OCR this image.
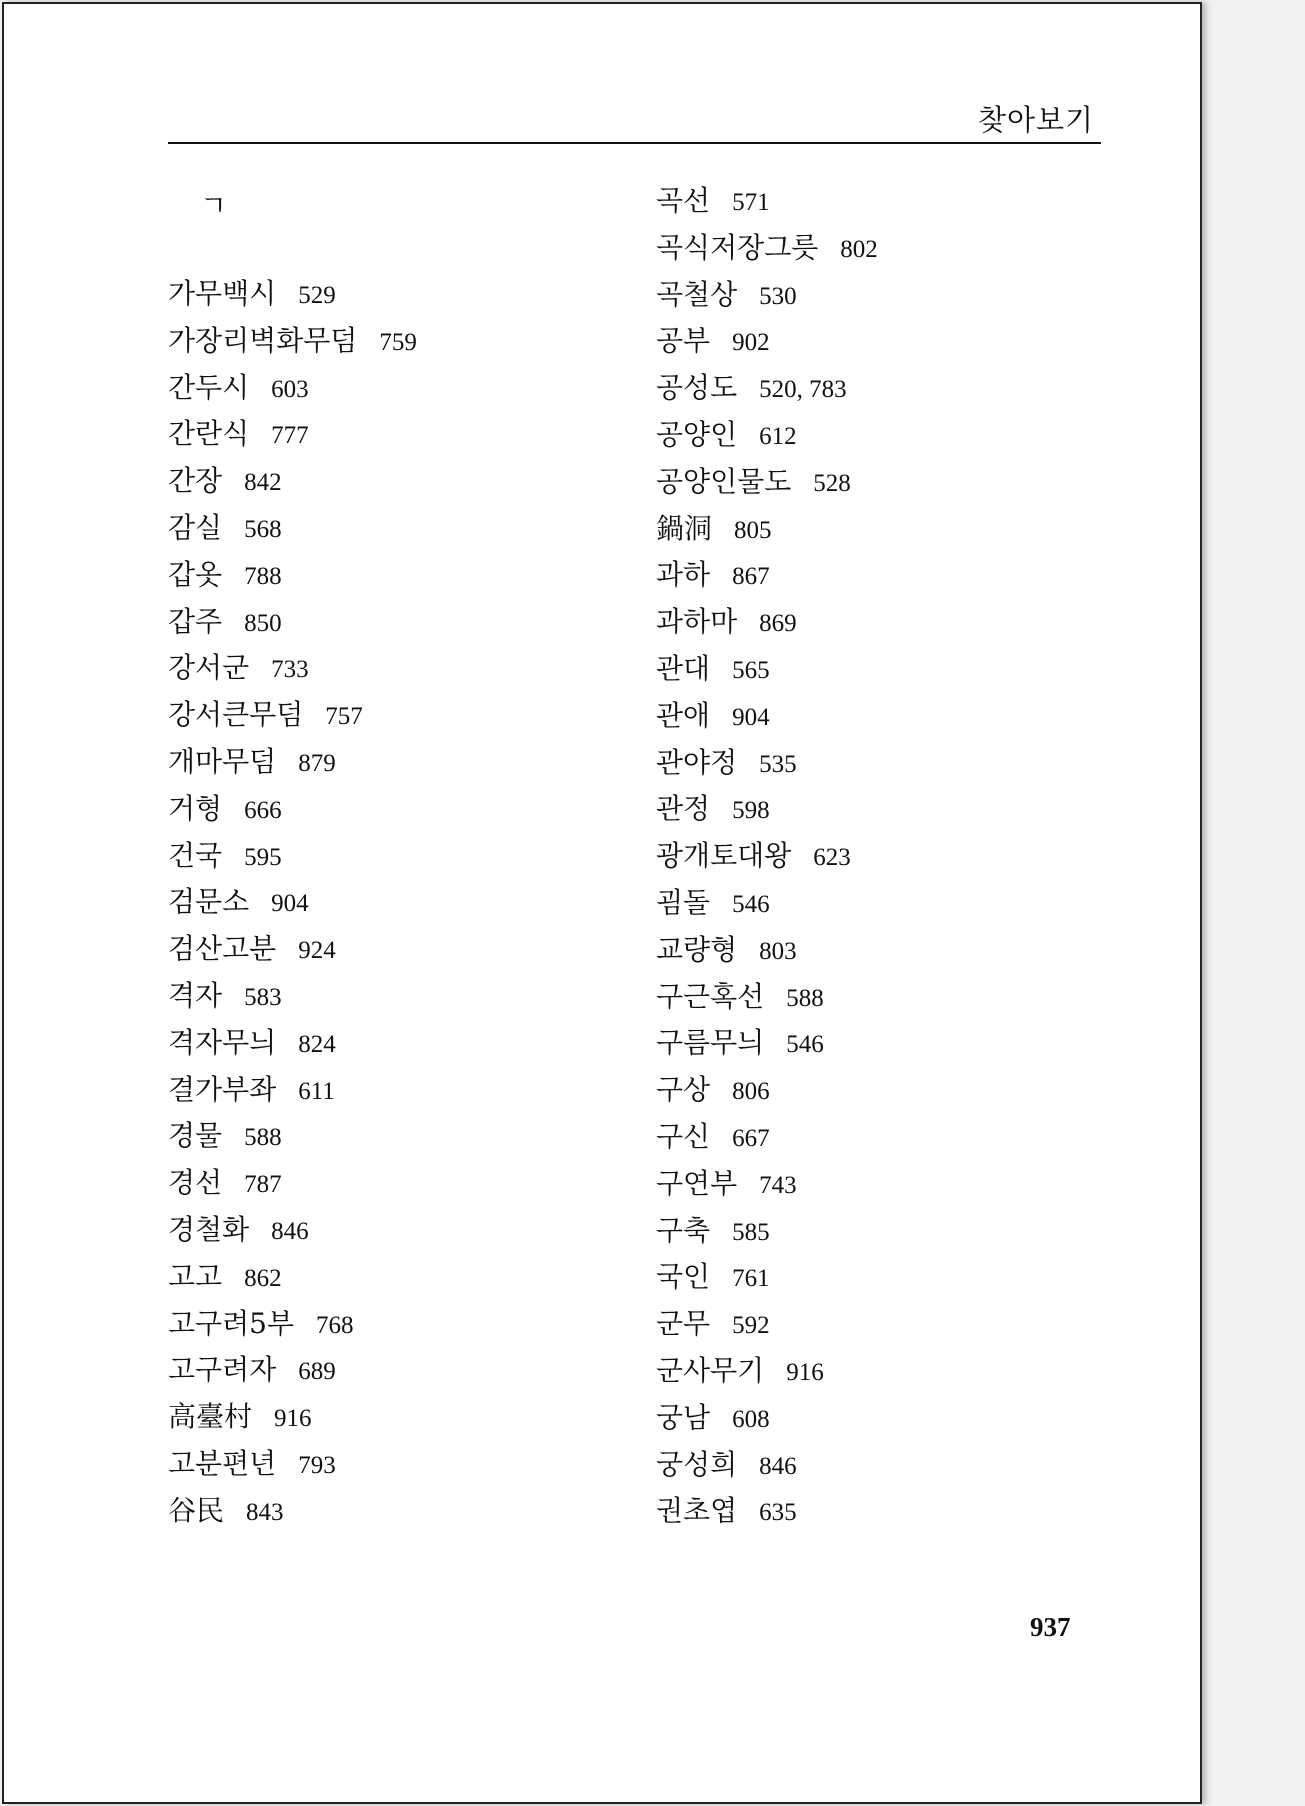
찾아보기
ㄱ
가무백시 529
가장리벽화무덤 759
간두시 603
간란식 777
간장 842
감실 568
갑옷 788
갑주 850
강서군 733
강서큰무덤 757
개마무덤 879
거형 666
건국 595
검문소 904
검산고분 924
격자 583
격자무늬 824
결가부좌 611
경물 588
경선 787
경철화 846
고고 862
고구려5부 768
고구려자 689
高臺村 916
고분편년 793
谷民 843
곡선 571
곡식저장그릇 802
곡철상 530
공부 902
공성도 520, 783
공양인 612
공양인물도 528
鍋洞 805
과하 867
과하마 869
관대 565
관애 904
관야정 535
관정 598
광개토대왕 623
굄돌 546
교량형 803
구근혹선 588
구름무늬 546
구상 806
구신 667
구연부 743
구축 585
국인 761
군무 592
군사무기 916
궁남 608
궁성희 846
권초엽 635
937
